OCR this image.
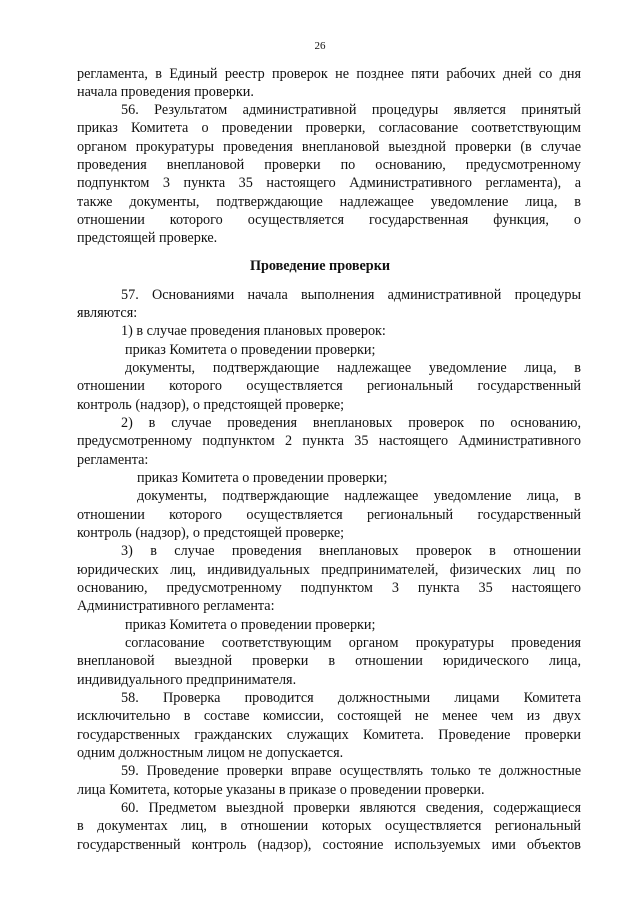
26
регламента, в Единый реестр проверок не позднее пяти рабочих дней со дня
начала проведения проверки.
56. Результатом административной процедуры является принятый
приказ Комитета о проведении проверки, согласование соответствующим
органом прокуратуры проведения внеплановой выездной проверки (в случае
проведения внеплановой проверки по основанию, предусмотренному
подпунктом 3 пункта 35 настоящего Административного регламента), а
также документы, подтверждающие надлежащее уведомление лица, в
отношении которого осуществляется государственная функция, о
предстоящей проверке.
Проведение проверки
57. Основаниями начала выполнения административной процедуры
являются:
1) в случае проведения плановых проверок:
приказ Комитета о проведении проверки;
документы, подтверждающие надлежащее уведомление лица, в
отношении которого осуществляется региональный государственный
контроль (надзор), о предстоящей проверке;
2) в случае проведения внеплановых проверок по основанию,
предусмотренному подпунктом 2 пункта 35 настоящего Административного
регламента:
приказ Комитета о проведении проверки;
документы, подтверждающие надлежащее уведомление лица, в
отношении которого осуществляется региональный государственный
контроль (надзор), о предстоящей проверке;
3) в случае проведения внеплановых проверок в отношении
юридических лиц, индивидуальных предпринимателей, физических лиц по
основанию, предусмотренному подпунктом 3 пункта 35 настоящего
Административного регламента:
приказ Комитета о проведении проверки;
согласование соответствующим органом прокуратуры проведения
внеплановой выездной проверки в отношении юридического лица,
индивидуального предпринимателя.
58. Проверка проводится должностными лицами Комитета
исключительно в составе комиссии, состоящей не менее чем из двух
государственных гражданских служащих Комитета. Проведение проверки
одним должностным лицом не допускается.
59. Проведение проверки вправе осуществлять только те должностные
лица Комитета, которые указаны в приказе о проведении проверки.
60. Предметом выездной проверки являются сведения, содержащиеся
в документах лиц, в отношении которых осуществляется региональный
государственный контроль (надзор), состояние используемых ими объектов
